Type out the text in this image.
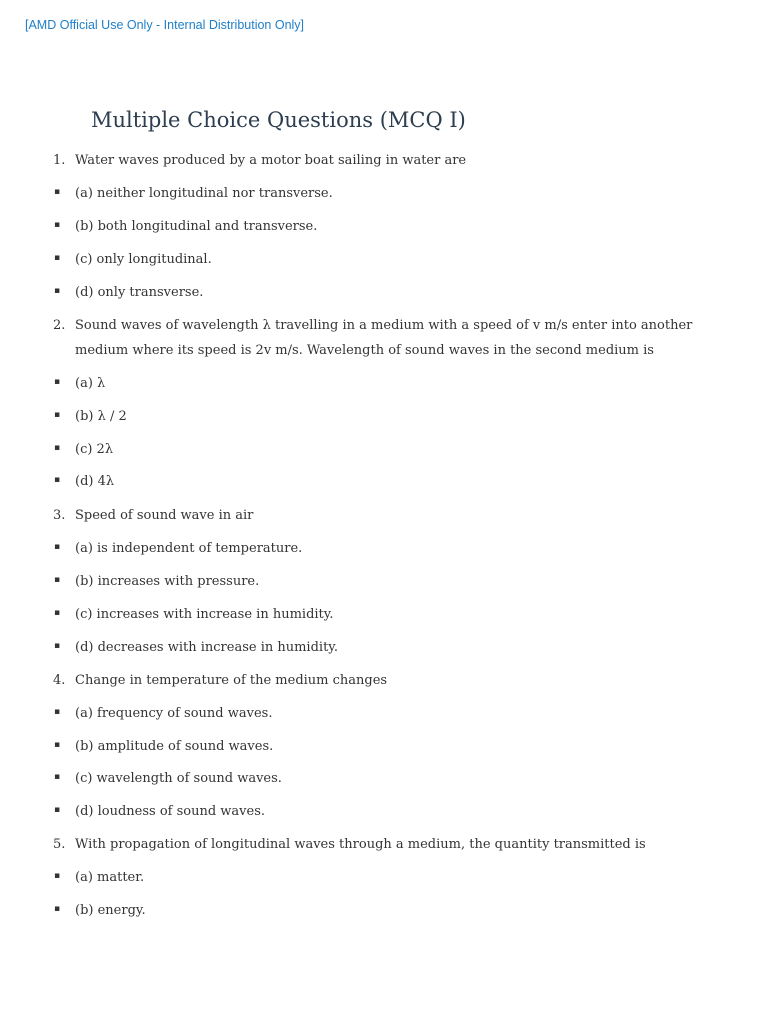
[AMD Official Use Only - Internal Distribution Only]
Multiple Choice Questions (MCQ I)
1. Water waves produced by a motor boat sailing in water are
▪ (a) neither longitudinal nor transverse.
▪ (b) both longitudinal and transverse.
▪ (c) only longitudinal.
▪ (d) only transverse.
2. Sound waves of wavelength λ travelling in a medium with a speed of v m/s enter into another
medium where its speed is 2v m/s. Wavelength of sound waves in the second medium is
▪ (a) λ
▪ (b) λ / 2
▪ (c) 2λ
▪ (d) 4λ
3. Speed of sound wave in air
▪ (a) is independent of temperature.
▪ (b) increases with pressure.
▪ (c) increases with increase in humidity.
▪ (d) decreases with increase in humidity.
4. Change in temperature of the medium changes
▪ (a) frequency of sound waves.
▪ (b) amplitude of sound waves.
▪ (c) wavelength of sound waves.
▪ (d) loudness of sound waves.
5. With propagation of longitudinal waves through a medium, the quantity transmitted is
▪ (a) matter.
▪ (b) energy.
